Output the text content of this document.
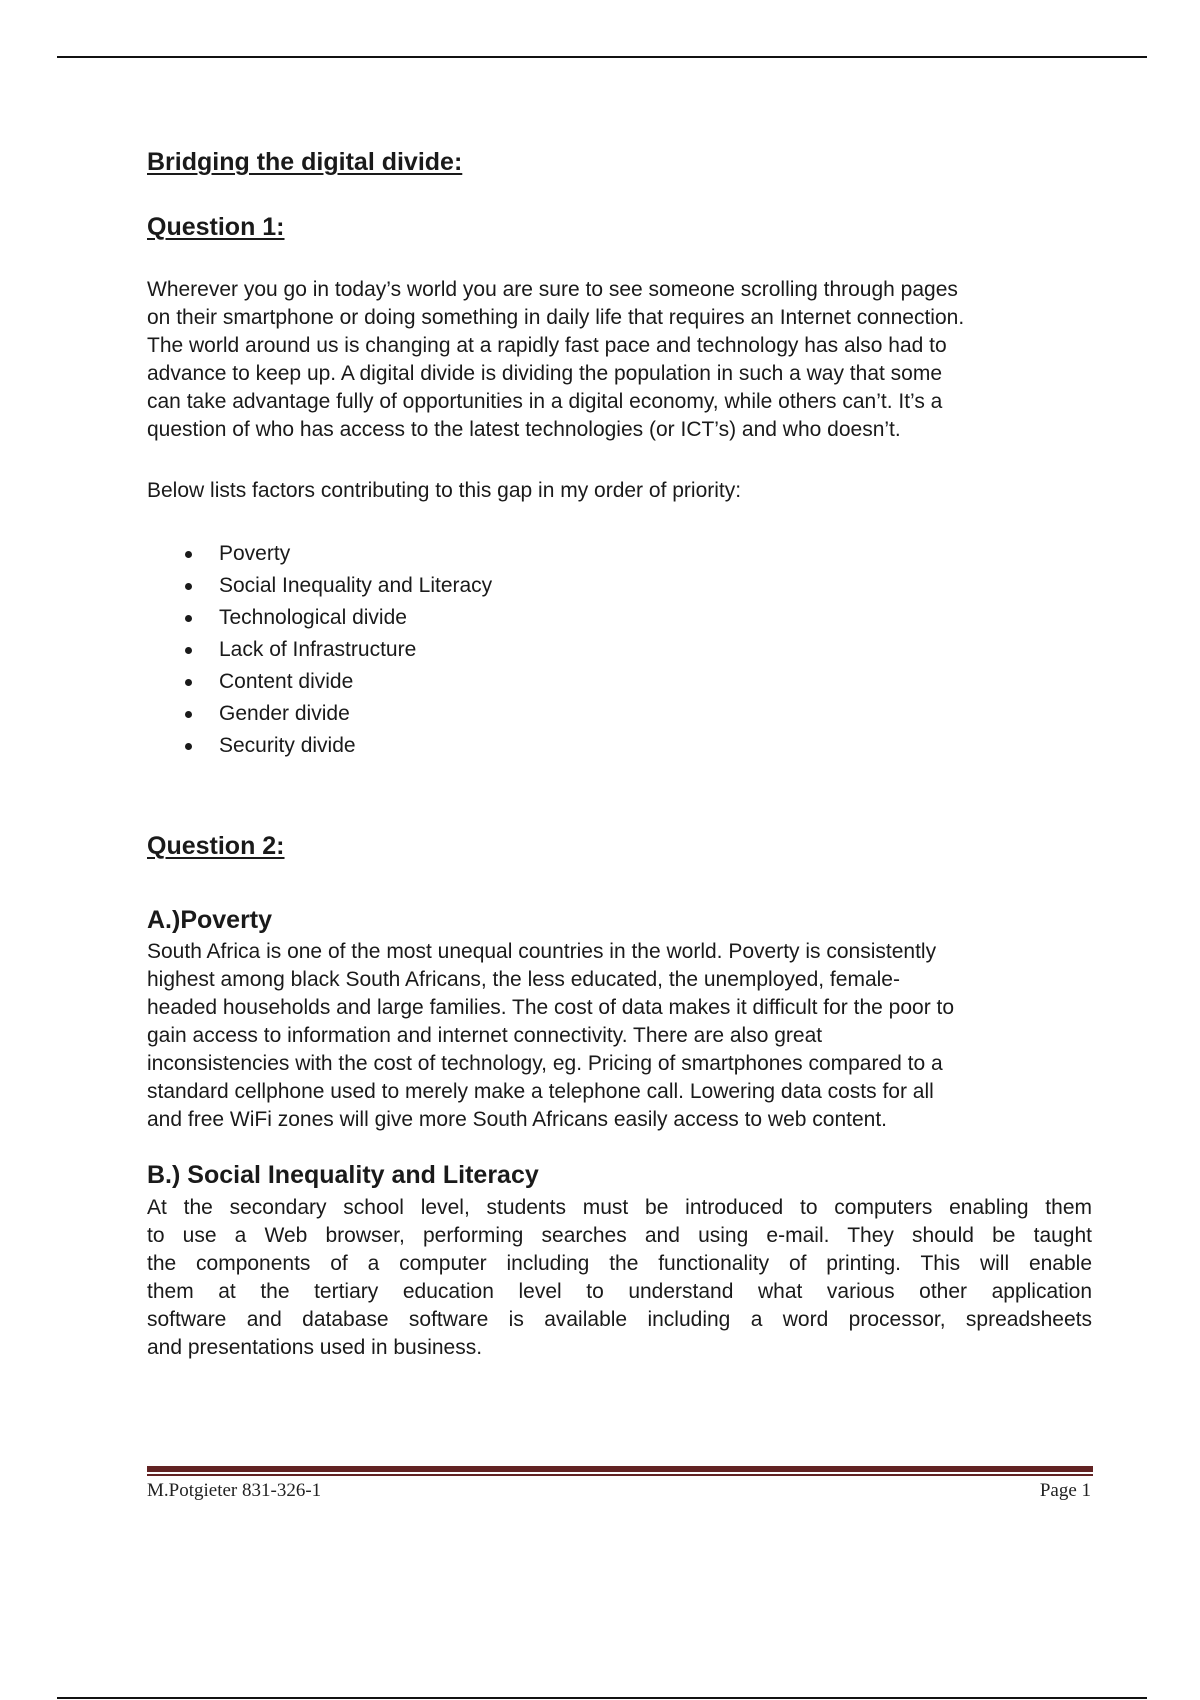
Bridging the digital divide:
Question 1:
Wherever you go in today’s world you are sure to see someone scrolling through pages
on their smartphone or doing something in daily life that requires an Internet connection.
The world around us is changing at a rapidly fast pace and technology has also had to
advance to keep up. A digital divide is dividing the population in such a way that some
can take advantage fully of opportunities in a digital economy, while others can’t. It’s a
question of who has access to the latest technologies (or ICT’s) and who doesn’t.
Below lists factors contributing to this gap in my order of priority:
Poverty
Social Inequality and Literacy
Technological divide
Lack of Infrastructure
Content divide
Gender divide
Security divide
Question 2:
A.)Poverty
South Africa is one of the most unequal countries in the world. Poverty is consistently
highest among black South Africans, the less educated, the unemployed, female-
headed households and large families. The cost of data makes it difficult for the poor to
gain access to information and internet connectivity. There are also great
inconsistencies with the cost of technology, eg. Pricing of smartphones compared to a
standard cellphone used to merely make a telephone call. Lowering data costs for all
and free WiFi zones will give more South Africans easily access to web content.
B.) Social Inequality and Literacy
At the secondary school level, students must be introduced to computers enabling them
to use a Web browser, performing searches and using e-mail. They should be taught
the components of a computer including the functionality of printing. This will enable
them at the tertiary education level to understand what various other application
software and database software is available including a word processor, spreadsheets
and presentations used in business.
M.Potgieter 831-326-1	Page 1
